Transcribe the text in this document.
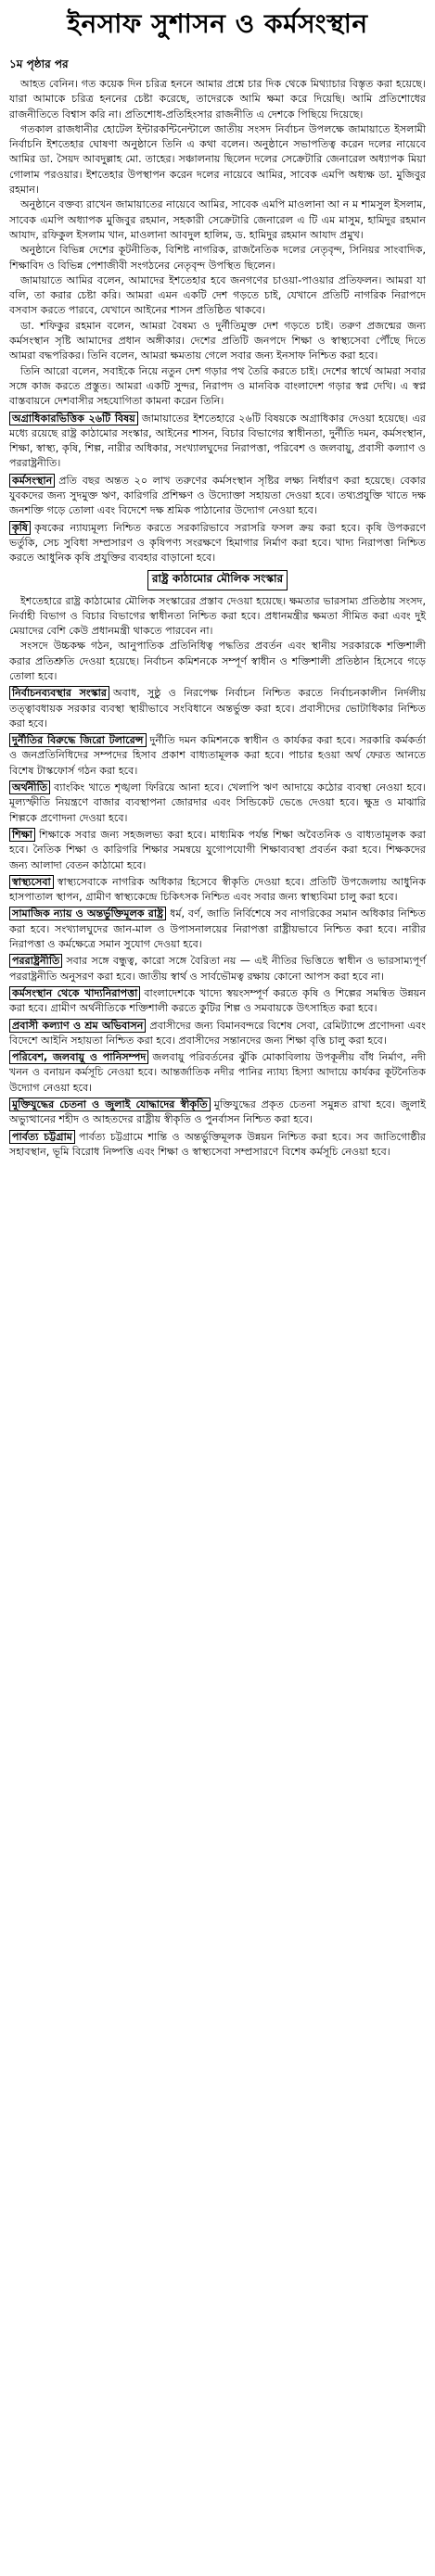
ইনসাফ সুশাসন ও কর্মসংস্থান
১ম পৃষ্ঠার পর

আহত বেনিন। গত কয়েক দিন চরিত্র হননে আমার প্রশ্নে চার দিক থেকে মিথ্যাচার বিস্তৃত করা হয়েছে। যারা আমাকে চরিত্র হননের চেষ্টা করেছে, তাদেরকে আমি ক্ষমা করে দিয়েছি। আমি প্রতিশোধের রাজনীতিতে বিশ্বাস করি না। প্রতিশোধ-প্রতিহিংসার রাজনীতি এ দেশকে পিছিয়ে দিয়েছে।

গতকাল রাজধানীর হোটেল ইন্টারকন্টিনেন্টালে জাতীয় সংসদ নির্বাচন উপলক্ষে জামায়াতে ইসলামী নির্বাচনি ইশতেহার ঘোষণা অনুষ্ঠানে তিনি এ কথা বলেন। অনুষ্ঠানে সভাপতিত্ব করেন দলের নায়েবে আমির ডা. সৈয়দ আবদুল্লাহ মো. তাহের। সঞ্চালনায় ছিলেন দলের সেক্রেটারি জেনারেল অধ্যাপক মিয়া গোলাম পরওয়ার। ইশতেহার উপস্থাপন করেন দলের নায়েবে আমির, সাবেক এমপি অধ্যক্ষ ডা. মুজিবুর রহমান।

অনুষ্ঠানে বক্তব্য রাখেন জামায়াতের নায়েবে আমির, সাবেক এমপি মাওলানা আ ন ম শামসুল ইসলাম, সাবেক এমপি অধ্যাপক মুজিবুর রহমান, সহকারী সেক্রেটারি জেনারেল এ টি এম মাসুম, হামিদুর রহমান আযাদ, রফিকুল ইসলাম খান, মাওলানা আবদুল হালিম, ড. হামিদুর রহমান আযাদ প্রমুখ।

অনুষ্ঠানে বিভিন্ন দেশের কূটনীতিক, বিশিষ্ট নাগরিক, রাজনৈতিক দলের নেতৃবৃন্দ, সিনিয়র সাংবাদিক, শিক্ষাবিদ ও বিভিন্ন পেশাজীবী সংগঠনের নেতৃবৃন্দ উপস্থিত ছিলেন।

জামায়াতে আমির বলেন, আমাদের ইশতেহার হবে জনগণের চাওয়া-পাওয়ার প্রতিফলন। আমরা যা বলি, তা করার চেষ্টা করি। আমরা এমন একটি দেশ গড়তে চাই, যেখানে প্রতিটি নাগরিক নিরাপদে বসবাস করতে পারবে, যেখানে আইনের শাসন প্রতিষ্ঠিত থাকবে।

ডা. শফিকুর রহমান বলেন, আমরা বৈষম্য ও দুর্নীতিমুক্ত দেশ গড়তে চাই। তরুণ প্রজন্মের জন্য কর্মসংস্থান সৃষ্টি আমাদের প্রধান অঙ্গীকার। দেশের প্রতিটি জনপদে শিক্ষা ও স্বাস্থ্যসেবা পৌঁছে দিতে আমরা বদ্ধপরিকর। তিনি বলেন, আমরা ক্ষমতায় গেলে সবার জন্য ইনসাফ নিশ্চিত করা হবে।

তিনি আরো বলেন, সবাইকে নিয়ে নতুন দেশ গড়ার পথ তৈরি করতে চাই। দেশের স্বার্থে আমরা সবার সঙ্গে কাজ করতে প্রস্তুত। আমরা একটি সুন্দর, নিরাপদ ও মানবিক বাংলাদেশ গড়ার স্বপ্ন দেখি। এ স্বপ্ন বাস্তবায়নে দেশবাসীর সহযোগিতা কামনা করেন তিনি।

অগ্রাধিকারভিত্তিক ২৬টি বিষয় জামায়াতের ইশতেহারে ২৬টি বিষয়কে অগ্রাধিকার দেওয়া হয়েছে। এর মধ্যে রয়েছে রাষ্ট্র কাঠামোর সংস্কার, আইনের শাসন, বিচার বিভাগের স্বাধীনতা, দুর্নীতি দমন, কর্মসংস্থান, শিক্ষা, স্বাস্থ্য, কৃষি, শিল্প, নারীর অধিকার, সংখ্যালঘুদের নিরাপত্তা, পরিবেশ ও জলবায়ু, প্রবাসী কল্যাণ ও পররাষ্ট্রনীতি।
কর্মসংস্থান প্রতি বছর অন্তত ২০ লাখ তরুণের কর্মসংস্থান সৃষ্টির লক্ষ্য নির্ধারণ করা হয়েছে। বেকার যুবকদের জন্য সুদমুক্ত ঋণ, কারিগরি প্রশিক্ষণ ও উদ্যোক্তা সহায়তা দেওয়া হবে। তথ্যপ্রযুক্তি খাতে দক্ষ জনশক্তি গড়ে তোলা এবং বিদেশে দক্ষ শ্রমিক পাঠানোর উদ্যোগ নেওয়া হবে।
কৃষি কৃষকের ন্যায্যমূল্য নিশ্চিত করতে সরকারিভাবে সরাসরি ফসল ক্রয় করা হবে। কৃষি উপকরণে ভর্তুকি, সেচ সুবিধা সম্প্রসারণ ও কৃষিপণ্য সংরক্ষণে হিমাগার নির্মাণ করা হবে। খাদ্য নিরাপত্তা নিশ্চিত করতে আধুনিক কৃষি প্রযুক্তির ব্যবহার বাড়ানো হবে।
রাষ্ট্র কাঠামোর মৌলিক সংস্কার

ইশতেহারে রাষ্ট্র কাঠামোর মৌলিক সংস্কারের প্রস্তাব দেওয়া হয়েছে। ক্ষমতার ভারসাম্য প্রতিষ্ঠায় সংসদ, নির্বাহী বিভাগ ও বিচার বিভাগের স্বাধীনতা নিশ্চিত করা হবে। প্রধানমন্ত্রীর ক্ষমতা সীমিত করা এবং দুই মেয়াদের বেশি কেউ প্রধানমন্ত্রী থাকতে পারবেন না।

সংসদে উচ্চকক্ষ গঠন, আনুপাতিক প্রতিনিধিত্ব পদ্ধতির প্রবর্তন এবং স্থানীয় সরকারকে শক্তিশালী করার প্রতিশ্রুতি দেওয়া হয়েছে। নির্বাচন কমিশনকে সম্পূর্ণ স্বাধীন ও শক্তিশালী প্রতিষ্ঠান হিসেবে গড়ে তোলা হবে।

নির্বাচনব্যবস্থার সংস্কার অবাধ, সুষ্ঠু ও নিরপেক্ষ নির্বাচন নিশ্চিত করতে নির্বাচনকালীন নির্দলীয় তত্ত্বাবধায়ক সরকার ব্যবস্থা স্থায়ীভাবে সংবিধানে অন্তর্ভুক্ত করা হবে। প্রবাসীদের ভোটাধিকার নিশ্চিত করা হবে।
দুর্নীতির বিরুদ্ধে জিরো টলারেন্স দুর্নীতি দমন কমিশনকে স্বাধীন ও কার্যকর করা হবে। সরকারি কর্মকর্তা ও জনপ্রতিনিধিদের সম্পদের হিসাব প্রকাশ বাধ্যতামূলক করা হবে। পাচার হওয়া অর্থ ফেরত আনতে বিশেষ টাস্কফোর্স গঠন করা হবে।
অর্থনীতি ব্যাংকিং খাতে শৃঙ্খলা ফিরিয়ে আনা হবে। খেলাপি ঋণ আদায়ে কঠোর ব্যবস্থা নেওয়া হবে। মূল্যস্ফীতি নিয়ন্ত্রণে বাজার ব্যবস্থাপনা জোরদার এবং সিন্ডিকেট ভেঙে দেওয়া হবে। ক্ষুদ্র ও মাঝারি শিল্পকে প্রণোদনা দেওয়া হবে।
শিক্ষা শিক্ষাকে সবার জন্য সহজলভ্য করা হবে। মাধ্যমিক পর্যন্ত শিক্ষা অবৈতনিক ও বাধ্যতামূলক করা হবে। নৈতিক শিক্ষা ও কারিগরি শিক্ষার সমন্বয়ে যুগোপযোগী শিক্ষাব্যবস্থা প্রবর্তন করা হবে। শিক্ষকদের জন্য আলাদা বেতন কাঠামো হবে।
স্বাস্থ্যসেবা স্বাস্থ্যসেবাকে নাগরিক অধিকার হিসেবে স্বীকৃতি দেওয়া হবে। প্রতিটি উপজেলায় আধুনিক হাসপাতাল স্থাপন, গ্রামীণ স্বাস্থ্যকেন্দ্রে চিকিৎসক নিশ্চিত এবং সবার জন্য স্বাস্থ্যবিমা চালু করা হবে।
সামাজিক ন্যায় ও অন্তর্ভুক্তিমূলক রাষ্ট্র ধর্ম, বর্ণ, জাতি নির্বিশেষে সব নাগরিকের সমান অধিকার নিশ্চিত করা হবে। সংখ্যালঘুদের জান-মাল ও উপাসনালয়ের নিরাপত্তা রাষ্ট্রীয়ভাবে নিশ্চিত করা হবে। নারীর নিরাপত্তা ও কর্মক্ষেত্রে সমান সুযোগ দেওয়া হবে।
পররাষ্ট্রনীতি সবার সঙ্গে বন্ধুত্ব, কারো সঙ্গে বৈরিতা নয় — এই নীতির ভিত্তিতে স্বাধীন ও ভারসাম্যপূর্ণ পররাষ্ট্রনীতি অনুসরণ করা হবে। জাতীয় স্বার্থ ও সার্বভৌমত্ব রক্ষায় কোনো আপস করা হবে না।
কর্মসংস্থান থেকে খাদ্যনিরাপত্তা বাংলাদেশকে খাদ্যে স্বয়ংসম্পূর্ণ করতে কৃষি ও শিল্পের সমন্বিত উন্নয়ন করা হবে। গ্রামীণ অর্থনীতিকে শক্তিশালী করতে কুটির শিল্প ও সমবায়কে উৎসাহিত করা হবে।
প্রবাসী কল্যাণ ও শ্রম অভিবাসন প্রবাসীদের জন্য বিমানবন্দরে বিশেষ সেবা, রেমিট্যান্সে প্রণোদনা এবং বিদেশে আইনি সহায়তা নিশ্চিত করা হবে। প্রবাসীদের সন্তানদের জন্য শিক্ষা বৃত্তি চালু করা হবে।
পরিবেশ, জলবায়ু ও পানিসম্পদ জলবায়ু পরিবর্তনের ঝুঁকি মোকাবিলায় উপকূলীয় বাঁধ নির্মাণ, নদী খনন ও বনায়ন কর্মসূচি নেওয়া হবে। আন্তর্জাতিক নদীর পানির ন্যায্য হিস্যা আদায়ে কার্যকর কূটনৈতিক উদ্যোগ নেওয়া হবে।
মুক্তিযুদ্ধের চেতনা ও জুলাই যোদ্ধাদের স্বীকৃতি মুক্তিযুদ্ধের প্রকৃত চেতনা সমুন্নত রাখা হবে। জুলাই অভ্যুত্থানের শহীদ ও আহতদের রাষ্ট্রীয় স্বীকৃতি ও পুনর্বাসন নিশ্চিত করা হবে।
পার্বত্য চট্টগ্রাম পার্বত্য চট্টগ্রামে শান্তি ও অন্তর্ভুক্তিমূলক উন্নয়ন নিশ্চিত করা হবে। সব জাতিগোষ্ঠীর সহাবস্থান, ভূমি বিরোধ নিষ্পত্তি এবং শিক্ষা ও স্বাস্থ্যসেবা সম্প্রসারণে বিশেষ কর্মসূচি নেওয়া হবে।
